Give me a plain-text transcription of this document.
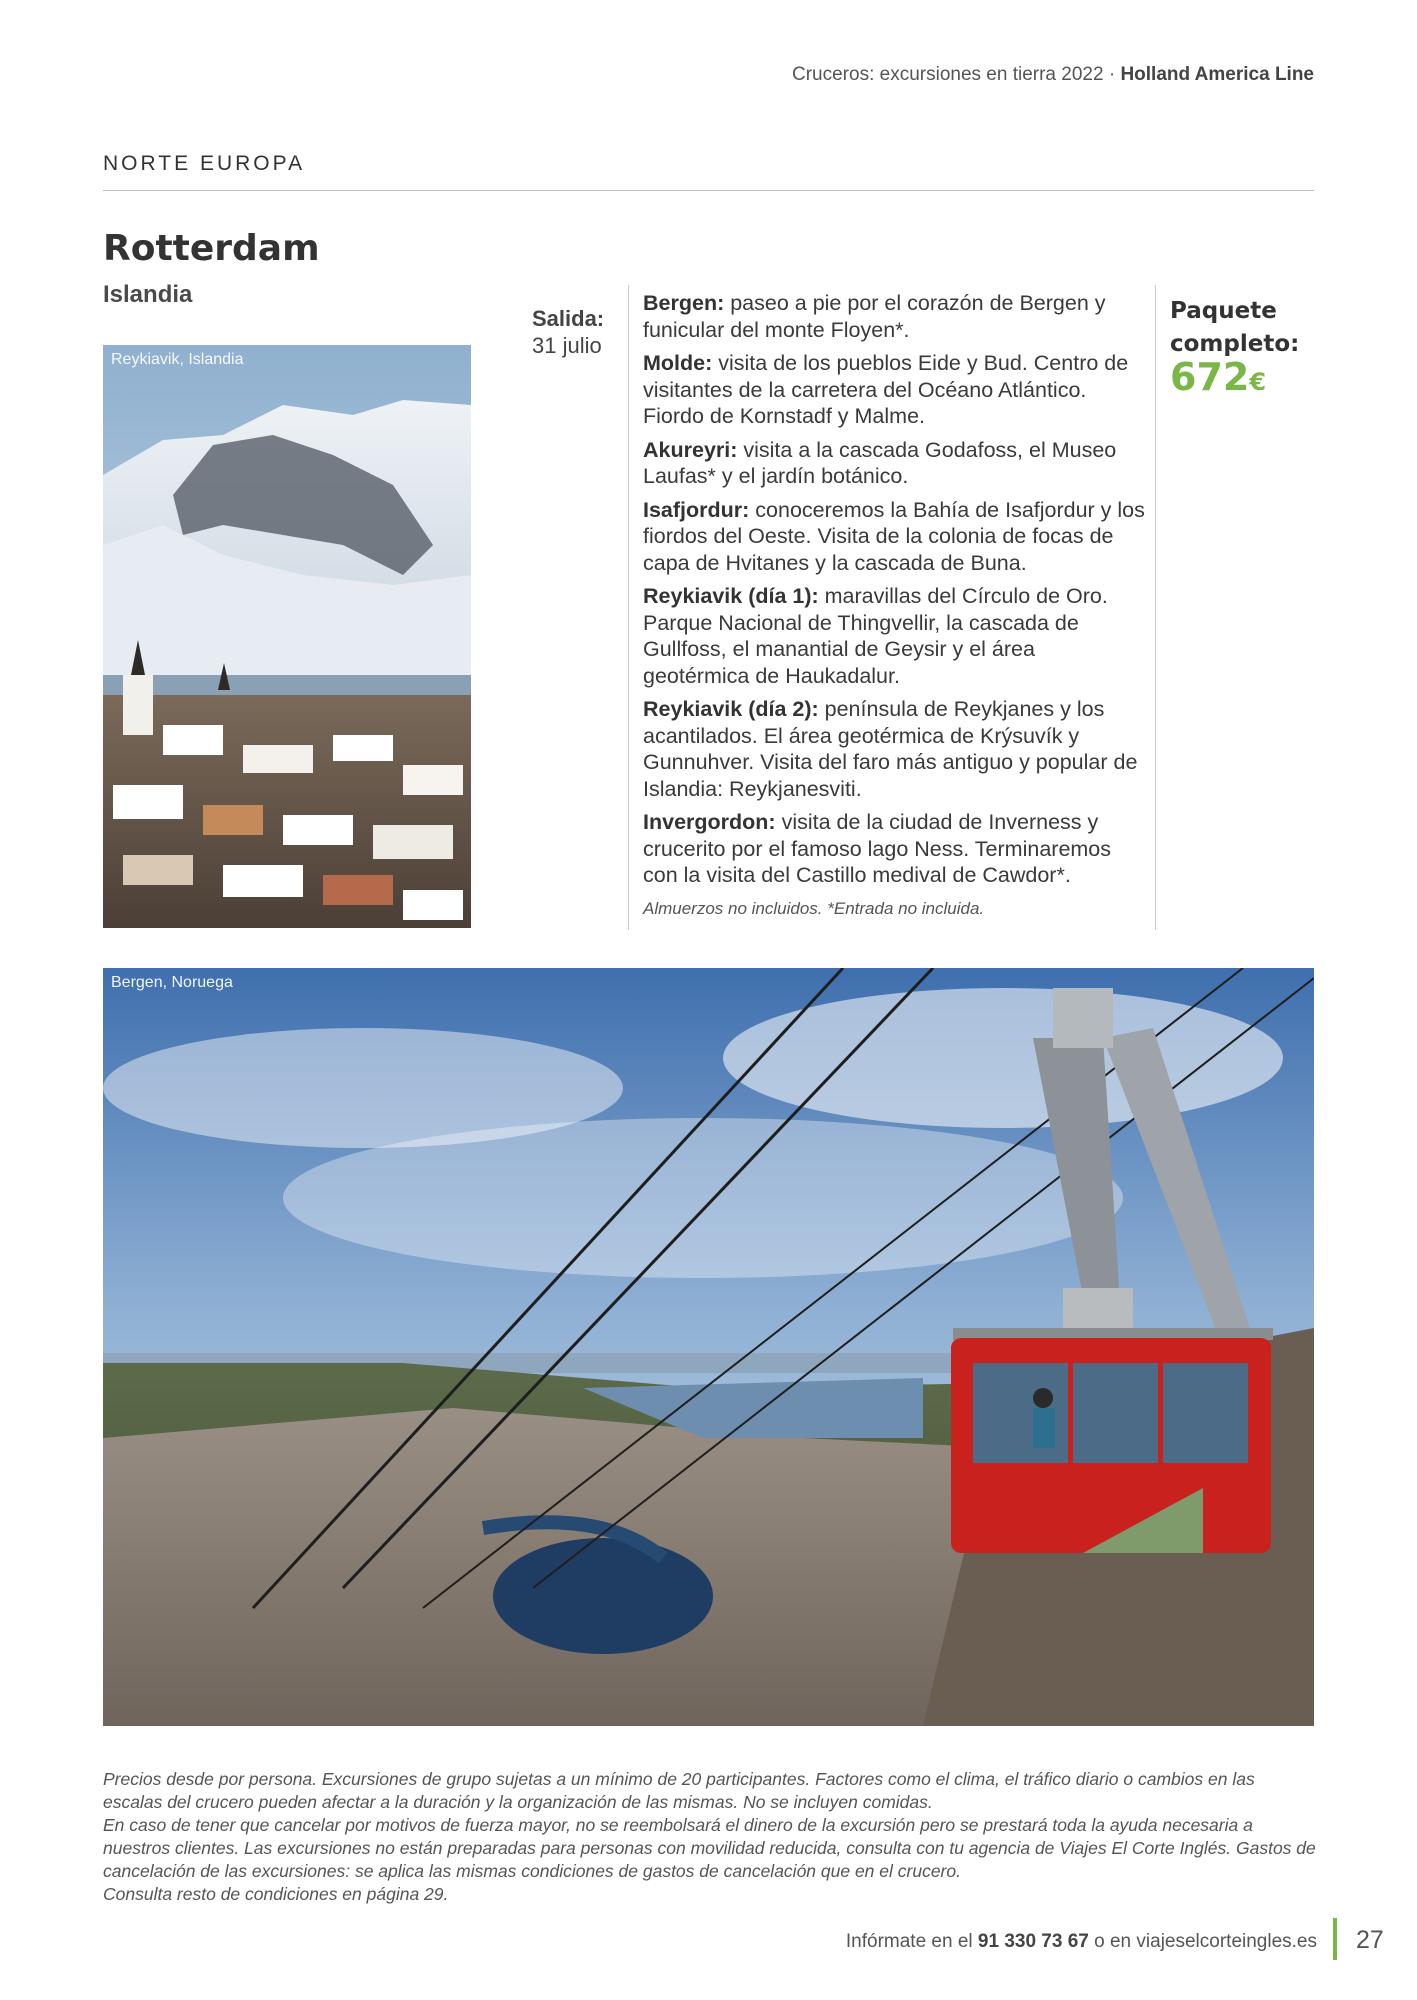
Cruceros: excursiones en tierra 2022 · Holland America Line
NORTE EUROPA
Rotterdam
Islandia
Reykiavik, Islandia
Salida:
31 julio
Bergen: paseo a pie por el corazón de Bergen y funicular del monte Floyen*.
Molde: visita de los pueblos Eide y Bud. Centro de visitantes de la carretera del Océano Atlántico. Fiordo de Kornstadf y Malme.
Akureyri: visita a la cascada Godafoss, el Museo Laufas* y el jardín botánico.
Isafjordur: conoceremos la Bahía de Isafjordur y los fiordos del Oeste. Visita de la colonia de focas de capa de Hvitanes y la cascada de Buna.
Reykiavik (día 1): maravillas del Círculo de Oro. Parque Nacional de Thingvellir, la cascada de Gullfoss, el manantial de Geysir y el área geotérmica de Haukadalur.
Reykiavik (día 2): península de Reykjanes y los acantilados. El área geotérmica de Krýsuvík y Gunnuhver. Visita del faro más antiguo y popular de Islandia: Reykjanesviti.
Invergordon: visita de la ciudad de Inverness y crucerito por el famoso lago Ness. Terminaremos con la visita del Castillo medival de Cawdor*.
Almuerzos no incluidos. *Entrada no incluida.
Paquete
completo:
672€
Bergen, Noruega
Precios desde por persona. Excursiones de grupo sujetas a un mínimo de 20 participantes. Factores como el clima, el tráfico diario o cambios en las escalas del crucero pueden afectar a la duración y la organización de las mismas. No se incluyen comidas.
En caso de tener que cancelar por motivos de fuerza mayor, no se reembolsará el dinero de la excursión pero se prestará toda la ayuda necesaria a nuestros clientes. Las excursiones no están preparadas para personas con movilidad reducida, consulta con tu agencia de Viajes El Corte Inglés. Gastos de cancelación de las excursiones: se aplica las mismas condiciones de gastos de cancelación que en el crucero.
Consulta resto de condiciones en página 29.
Infórmate en el 91 330 73 67 o en viajeselcorteingles.es 27
